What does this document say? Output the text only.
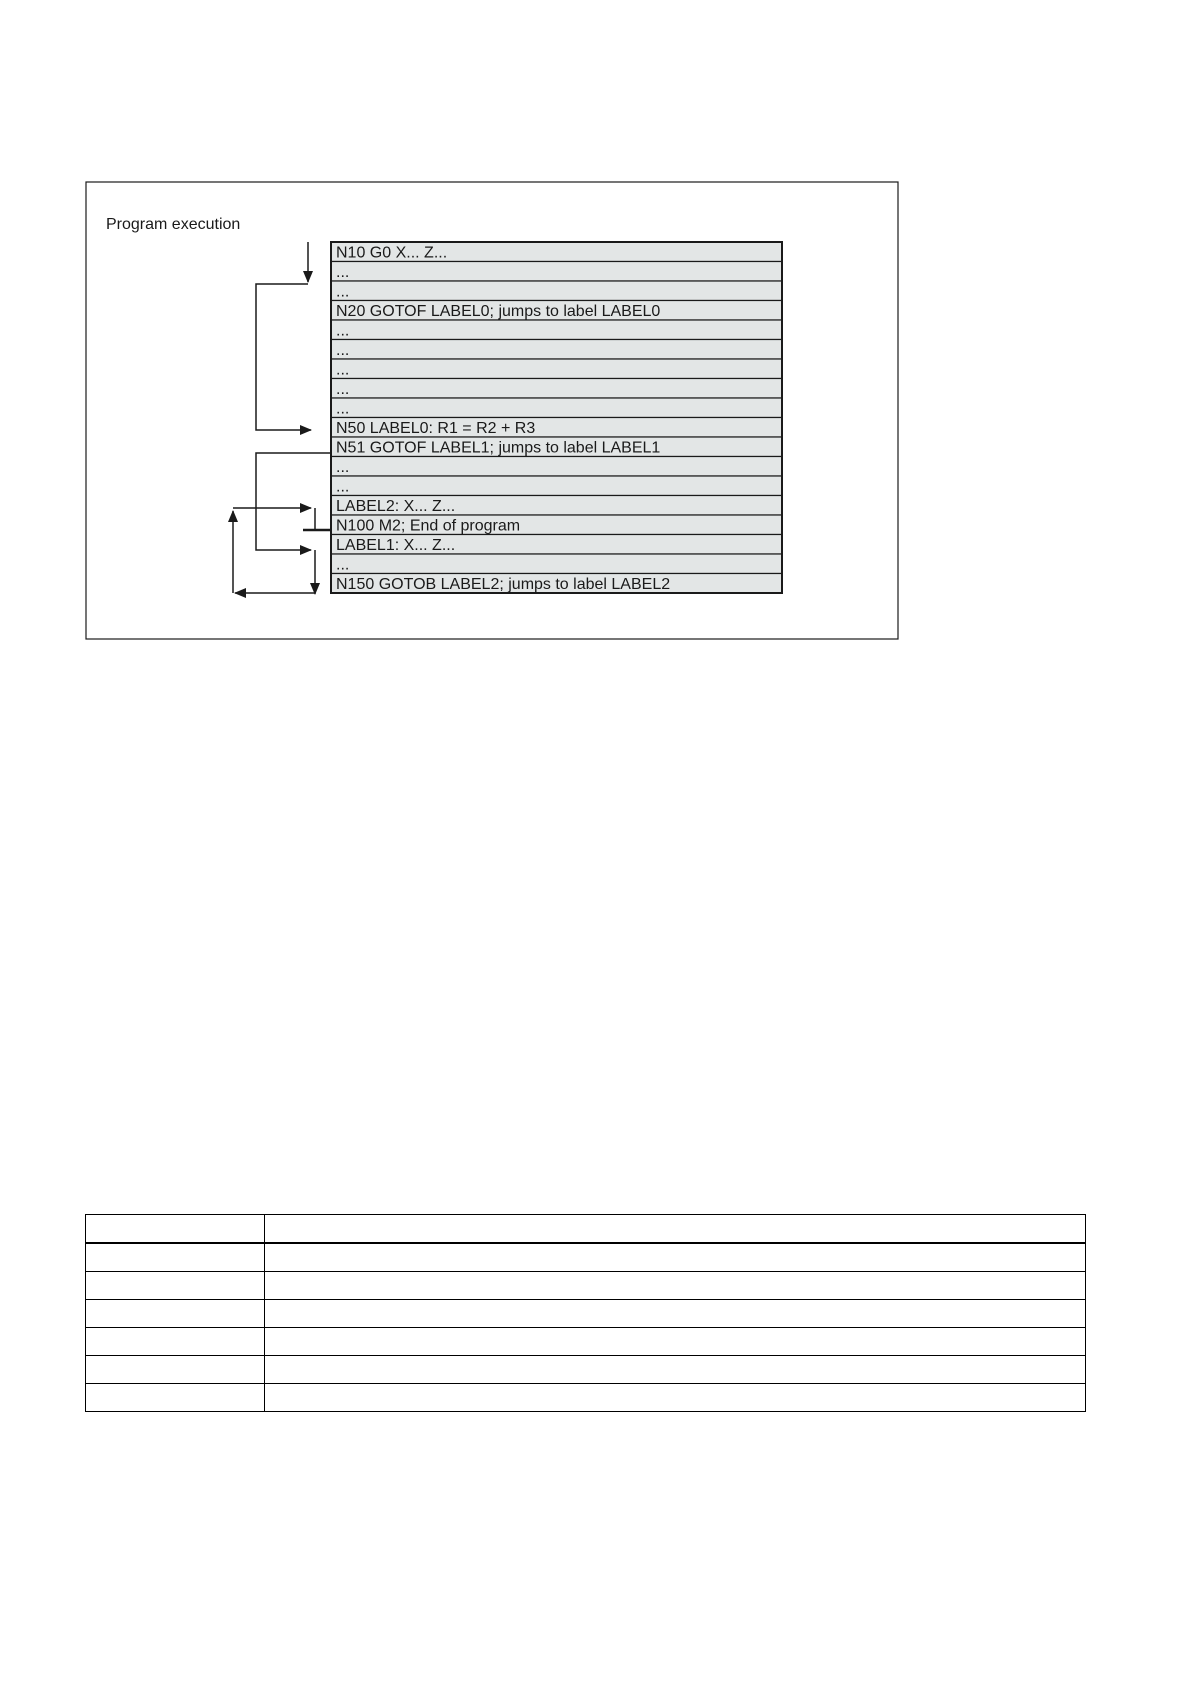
Program execution
N10 G0 X... Z...
...
...
N20 GOTOF LABEL0; jumps to label LABEL0
...
...
...
...
...
N50 LABEL0: R1 = R2 + R3
N51 GOTOF LABEL1; jumps to label LABEL1
...
...
LABEL2: X... Z...
N100 M2; End of program
LABEL1: X... Z...
...
N150 GOTOB LABEL2; jumps to label LABEL2
